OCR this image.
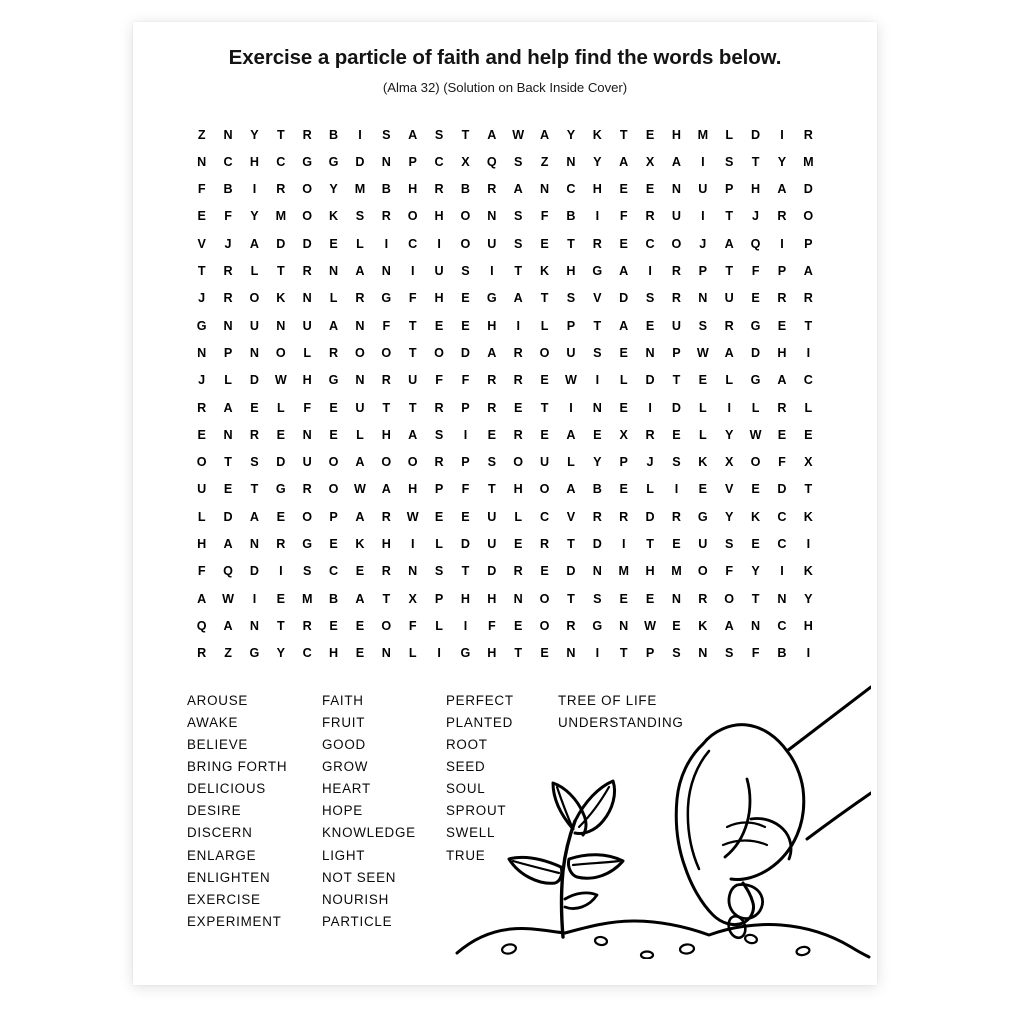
Exercise a particle of faith and help find the words below.
(Alma 32) (Solution on Back Inside Cover)
Z	N	Y	T	R	B	I	S	A	S	T	A	W	A	Y	K	T	E	H	M	L	D	I	R
N	C	H	C	G	G	D	N	P	C	X	Q	S	Z	N	Y	A	X	A	I	S	T	Y	M
F	B	I	R	O	Y	M	B	H	R	B	R	A	N	C	H	E	E	N	U	P	H	A	D
E	F	Y	M	O	K	S	R	O	H	O	N	S	F	B	I	F	R	U	I	T	J	R	O
V	J	A	D	D	E	L	I	C	I	O	U	S	E	T	R	E	C	O	J	A	Q	I	P
T	R	L	T	R	N	A	N	I	U	S	I	T	K	H	G	A	I	R	P	T	F	P	A
J	R	O	K	N	L	R	G	F	H	E	G	A	T	S	V	D	S	R	N	U	E	R	R
G	N	U	N	U	A	N	F	T	E	E	H	I	L	P	T	A	E	U	S	R	G	E	T
N	P	N	O	L	R	O	O	T	O	D	A	R	O	U	S	E	N	P	W	A	D	H	I
J	L	D	W	H	G	N	R	U	F	F	R	R	E	W	I	L	D	T	E	L	G	A	C
R	A	E	L	F	E	U	T	T	R	P	R	E	T	I	N	E	I	D	L	I	L	R	L
E	N	R	E	N	E	L	H	A	S	I	E	R	E	A	E	X	R	E	L	Y	W	E	E
O	T	S	D	U	O	A	O	O	R	P	S	O	U	L	Y	P	J	S	K	X	O	F	X
U	E	T	G	R	O	W	A	H	P	F	T	H	O	A	B	E	L	I	E	V	E	D	T
L	D	A	E	O	P	A	R	W	E	E	U	L	C	V	R	R	D	R	G	Y	K	C	K
H	A	N	R	G	E	K	H	I	L	D	U	E	R	T	D	I	T	E	U	S	E	C	I
F	Q	D	I	S	C	E	R	N	S	T	D	R	E	D	N	M	H	M	O	F	Y	I	K
A	W	I	E	M	B	A	T	X	P	H	H	N	O	T	S	E	E	N	R	O	T	N	Y
Q	A	N	T	R	E	E	O	F	L	I	F	E	O	R	G	N	W	E	K	A	N	C	H
R	Z	G	Y	C	H	E	N	L	I	G	H	T	E	N	I	T	P	S	N	S	F	B	I
AROUSE
AWAKE
BELIEVE
BRING FORTH
DELICIOUS
DESIRE
DISCERN
ENLARGE
ENLIGHTEN
EXERCISE
EXPERIMENT
FAITH
FRUIT
GOOD
GROW
HEART
HOPE
KNOWLEDGE
LIGHT
NOT SEEN
NOURISH
PARTICLE
PERFECT
PLANTED
ROOT
SEED
SOUL
SPROUT
SWELL
TRUE
TREE OF LIFE
UNDERSTANDING
